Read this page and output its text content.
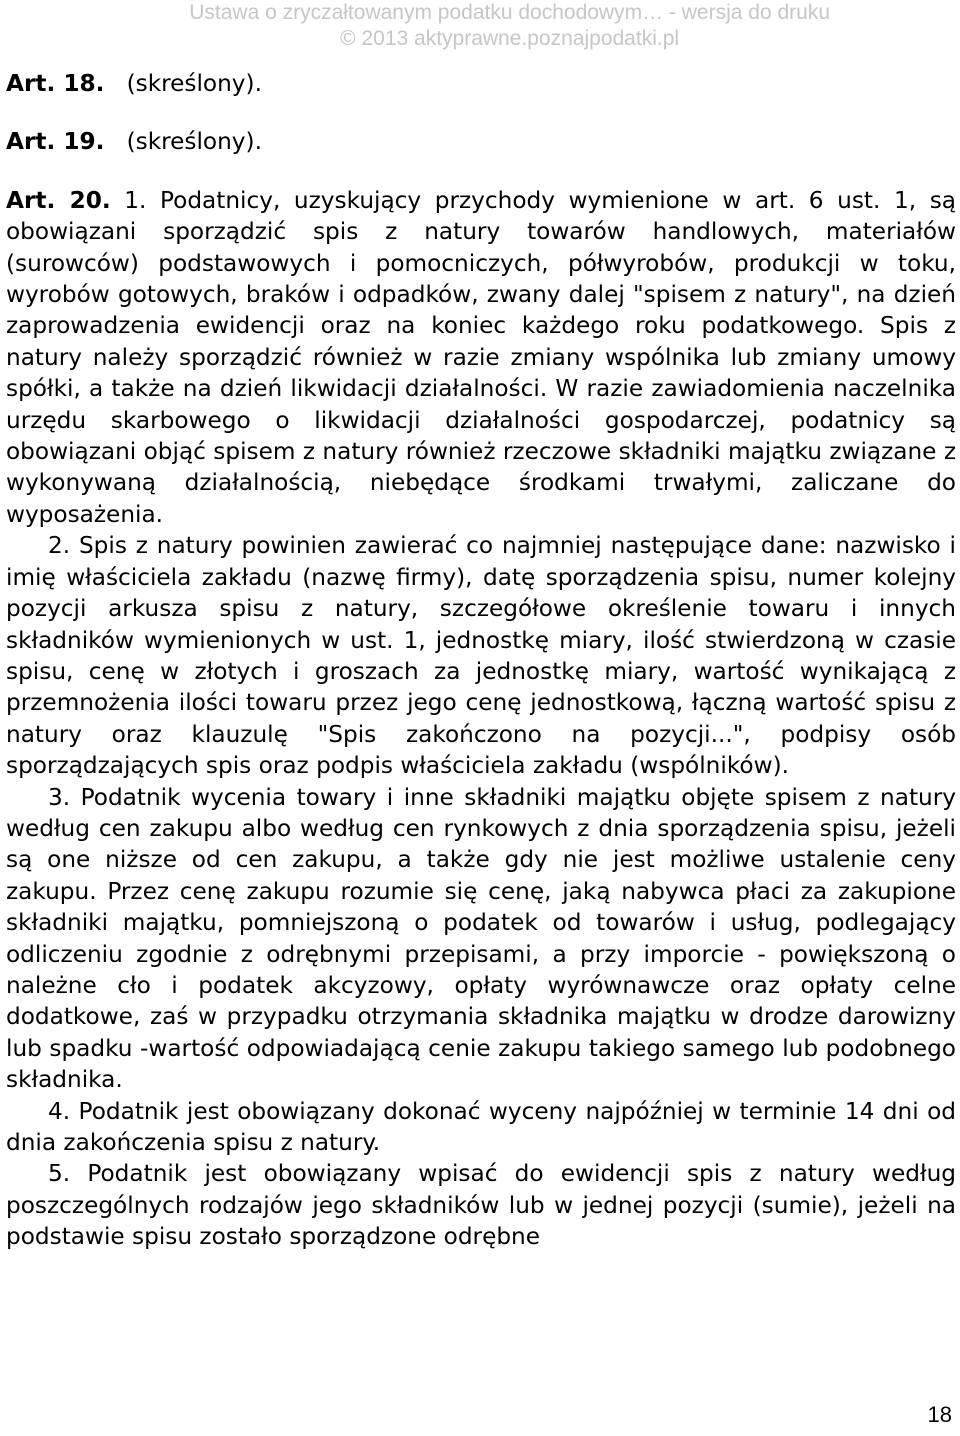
Ustawa o zryczałtowanym podatku dochodowym… - wersja do druku
© 2013 aktyprawne.poznajpodatki.pl
Art. 18. (skreślony).
Art. 19. (skreślony).

Art. 20. 1. Podatnicy, uzyskujący przychody wymienione w art. 6 ust. 1, są obowiązani sporządzić spis z natury towarów handlowych, materiałów (surowców) podstawowych i pomocniczych, półwyrobów, produkcji w toku, wyrobów gotowych, braków i odpadków, zwany dalej "spisem z natury", na dzień zaprowadzenia ewidencji oraz na koniec każdego roku podatkowego. Spis z natury należy sporządzić również w razie zmiany wspólnika lub zmiany umowy spółki, a także na dzień likwidacji działalności. W razie zawiadomienia naczelnika urzędu skarbowego o likwidacji działalności gospodarczej, podatnicy są obowiązani objąć spisem z natury również rzeczowe składniki majątku związane z wykonywaną działalnością, niebędące środkami trwałymi, zaliczane do wyposażenia.

2. Spis z natury powinien zawierać co najmniej następujące dane: nazwisko i imię właściciela zakładu (nazwę firmy), datę sporządzenia spisu, numer kolejny pozycji arkusza spisu z natury, szczegółowe określenie towaru i innych składników wymienionych w ust. 1, jednostkę miary, ilość stwierdzoną w czasie spisu, cenę w złotych i groszach za jednostkę miary, wartość wynikającą z przemnożenia ilości towaru przez jego cenę jednostkową, łączną wartość spisu z natury oraz klauzulę "Spis zakończono na pozycji...", podpisy osób sporządzających spis oraz podpis właściciela zakładu (wspólników).

3. Podatnik wycenia towary i inne składniki majątku objęte spisem z natury według cen zakupu albo według cen rynkowych z dnia sporządzenia spisu, jeżeli są one niższe od cen zakupu, a także gdy nie jest możliwe ustalenie ceny zakupu. Przez cenę zakupu rozumie się cenę, jaką nabywca płaci za zakupione składniki majątku, pomniejszoną o podatek od towarów i usług, podlegający odliczeniu zgodnie z odrębnymi przepisami, a przy imporcie - powiększoną o należne cło i podatek akcyzowy, opłaty wyrównawcze oraz opłaty celne dodatkowe, zaś w przypadku otrzymania składnika majątku w drodze darowizny lub spadku -wartość odpowiadającą cenie zakupu takiego samego lub podobnego składnika.

4. Podatnik jest obowiązany dokonać wyceny najpóźniej w terminie 14 dni od dnia zakończenia spisu z natury.

5. Podatnik jest obowiązany wpisać do ewidencji spis z natury według poszczególnych rodzajów jego składników lub w jednej pozycji (sumie), jeżeli na podstawie spisu zostało sporządzone odrębne

18
